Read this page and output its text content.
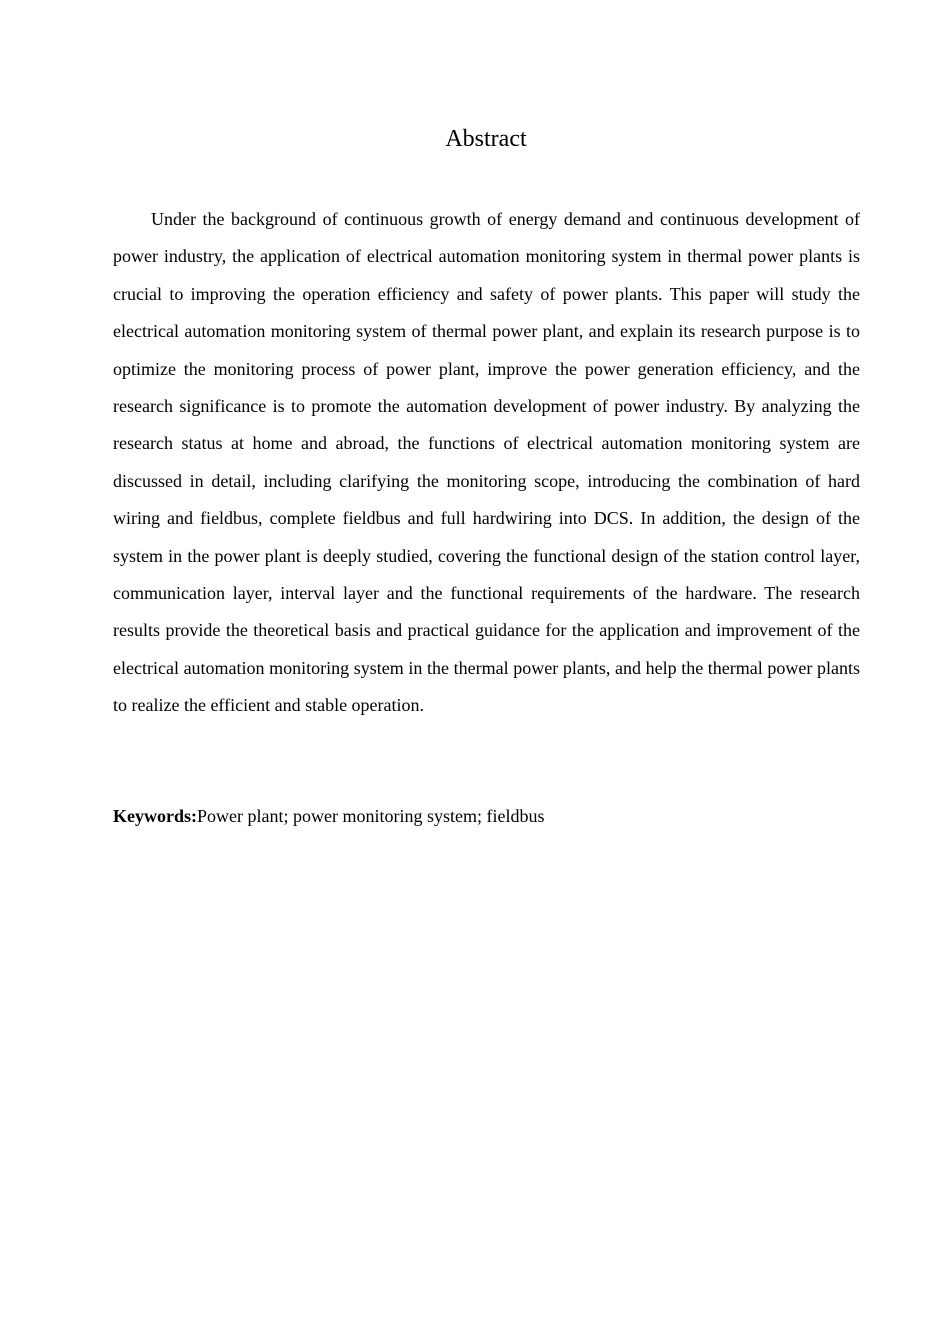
Abstract

Under the background of continuous growth of energy demand and continuous development of power industry, the application of electrical automation monitoring system in thermal power plants is crucial to improving the operation efficiency and safety of power plants. This paper will study the electrical automation monitoring system of thermal power plant, and explain its research purpose is to optimize the monitoring process of power plant, improve the power generation efficiency, and the research significance is to promote the automation development of power industry. By analyzing the research status at home and abroad, the functions of electrical automation monitoring system are discussed in detail, including clarifying the monitoring scope, introducing the combination of hard wiring and fieldbus, complete fieldbus and full hardwiring into DCS. In addition, the design of the system in the power plant is deeply studied, covering the functional design of the station control layer, communication layer, interval layer and the functional requirements of the hardware. The research results provide the theoretical basis and practical guidance for the application and improvement of the electrical automation monitoring system in the thermal power plants, and help the thermal power plants to realize the efficient and stable operation.

Keywords:Power plant; power monitoring system; fieldbus
